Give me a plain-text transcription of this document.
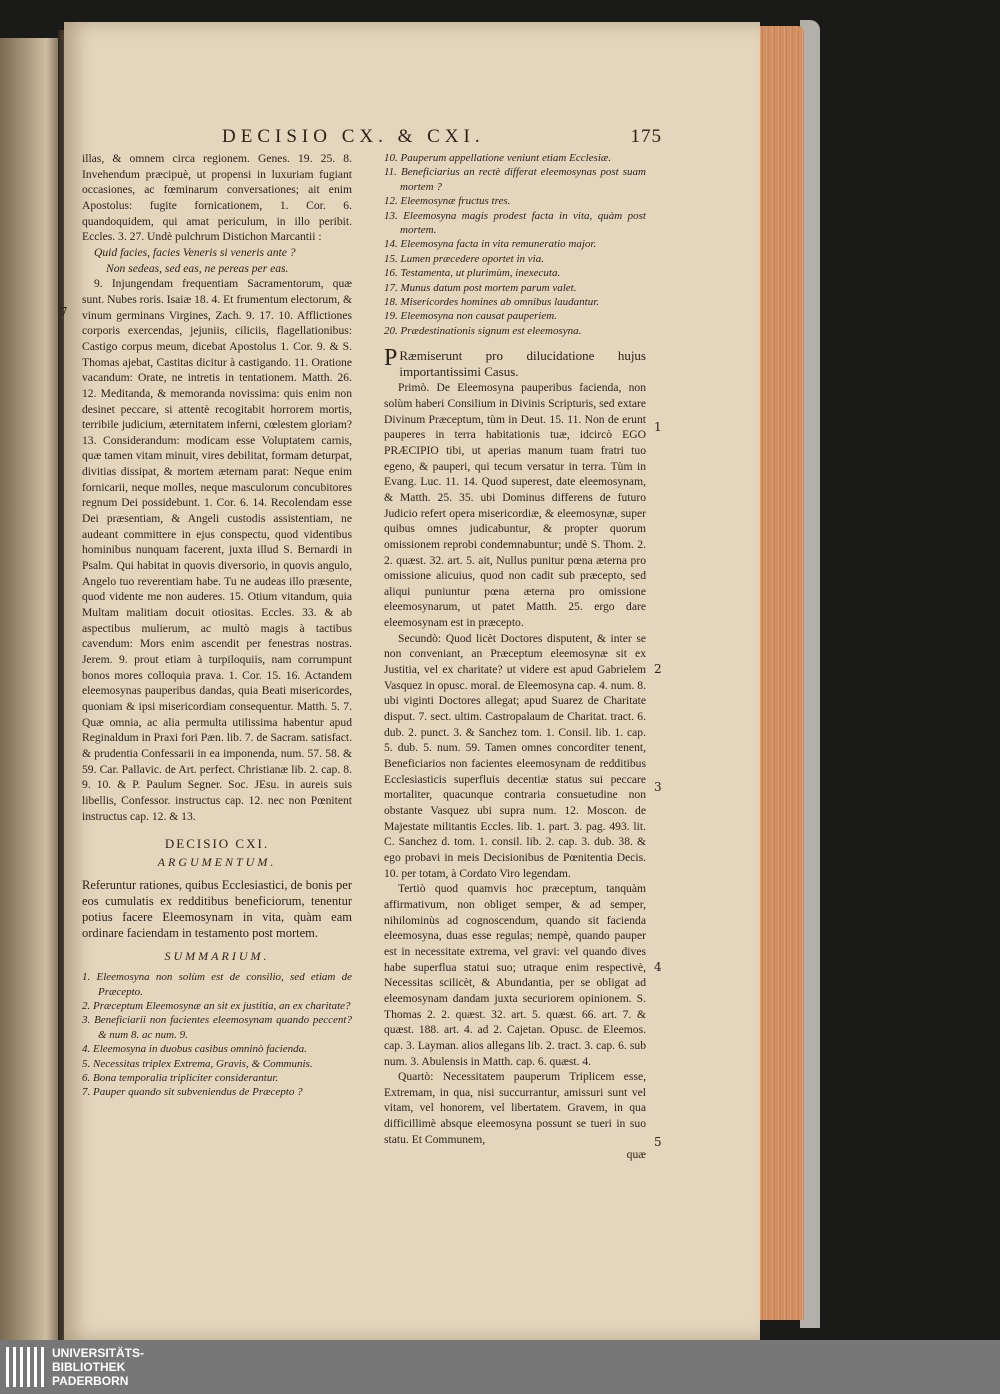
DECISIO CX. & CXI.	175

illas, & omnem circa regionem. Genes. 19. 25. 8. Invehendum præcipuè, ut propensi in luxuriam fugiant occasiones, ac fœminarum conversationes; ait enim Apostolus: fugite fornicationem, 1. Cor. 6. quandoquidem, qui amat periculum, in illo peribit. Eccles. 3. 27. Undè pulchrum Distichon Marcantii :

Quid facies, facies Veneris si veneris ante ?

Non sedeas, sed eas, ne pereas per eas.

9. Injungendam frequentiam Sacramentorum, quæ sunt. Nubes roris. Isaiæ 18. 4. Et frumentum electorum, & vinum germinans Virgines, Zach. 9. 17. 10. Afflictiones corporis exercendas, jejuniis, ciliciis, flagellationibus: Castigo corpus meum, dicebat Apostolus 1. Cor. 9. & S. Thomas ajebat, Castitas dicitur à castigando. 11. Oratione vacandum: Orate, ne intretis in tentationem. Matth. 26. 12. Meditanda, & memoranda novissima: quis enim non desinet peccare, si attentè recogitabit horrorem mortis, terribile judicium, æternitatem inferni, cœlestem gloriam? 13. Considerandum: modicam esse Voluptatem carnis, quæ tamen vitam minuit, vires debilitat, formam deturpat, divitias dissipat, & mortem æternam parat: Neque enim fornicarii, neque molles, neque masculorum concubitores regnum Dei possidebunt. 1. Cor. 6. 14. Recolendam esse Dei præsentiam, & Angeli custodis assistentiam, ne audeant committere in ejus conspectu, quod videntibus hominibus nunquam facerent, juxta illud S. Bernardi in Psalm. Qui habitat in quovis diversorio, in quovis angulo, Angelo tuo reverentiam habe. Tu ne audeas illo præsente, quod vidente me non auderes. 15. Otium vitandum, quia Multam malitiam docuit otiositas. Eccles. 33. & ab aspectibus mulierum, ac multò magis à tactibus cavendum: Mors enim ascendit per fenestras nostras. Jerem. 9. prout etiam à turpiloquiis, nam corrumpunt bonos mores colloquia prava. 1. Cor. 15. 16. Actandem eleemosynas pauperibus dandas, quia Beati misericordes, quoniam & ipsi misericordiam consequentur. Matth. 5. 7. Quæ omnia, ac alia permulta utilissima habentur apud Reginaldum in Praxi fori Pæn. lib. 7. de Sacram. satisfact. & prudentia Confessarii in ea imponenda, num. 57. 58. & 59. Car. Pallavic. de Art. perfect. Christianæ lib. 2. cap. 8. 9. 10. & P. Paulum Segner. Soc. JEsu. in aureis suis libellis, Confessor. instructus cap. 12. nec non Pœnitent instructus cap. 12. & 13.

DECISIO CXI.

ARGUMENTUM.

Referuntur rationes, quibus Ecclesiastici, de bonis per eos cumulatis ex redditibus beneficiorum, tenentur potius facere Eleemosynam in vita, quàm eam ordinare faciendam in testamento post mortem.

SUMMARIUM.

1. Eleemosyna non solùm est de consilio, sed etiam de Præcepto.
2. Præceptum Eleemosynæ an sit ex justitia, an ex charitate?
3. Beneficiarii non facientes eleemosynam quando peccent? & num 8. ac num. 9.
4. Eleemosyna in duobus casibus omninò facienda.
5. Necessitas triplex Extrema, Gravis, & Communis.
6. Bona temporalia tripliciter considerantur.
7. Pauper quando sit subveniendus de Præcepto ?
7
10. Pauperum appellatione veniunt etiam Ecclesiæ.
11. Beneficiarius an rectè differat eleemosynas post suam mortem ?
12. Eleemosynæ fructus tres.
13. Eleemosyna magis prodest facta in vita, quàm post mortem.
14. Eleemosyna facta in vita remuneratio major.
15. Lumen præcedere oportet in via.
16. Testamenta, ut plurimùm, inexecuta.
17. Munus datum post mortem parum valet.
18. Misericordes homines ab omnibus laudantur.
19. Eleemosyna non causat pauperiem.
20. Prædestinationis signum est eleemosyna.

P Ræmiserunt pro dilucidatione hujus importantissimi Casus.

Primò. De Eleemosyna pauperibus facienda, non solùm haberi Consilium in Divinis Scripturis, sed extare Divinum Præceptum, tùm in Deut. 15. 11. Non de erunt pauperes in terra habitationis tuæ, idcircò EGO PRÆCIPIO tibi, ut aperias manum tuam fratri tuo egeno, & pauperi, qui tecum versatur in terra. Tùm in Evang. Luc. 11. 14. Quod superest, date eleemosynam, & Matth. 25. 35. ubi Dominus differens de futuro Judicio refert opera misericordiæ, & eleemosynæ, super quibus omnes judicabuntur, & propter quorum omissionem reprobi condemnabuntur; undè S. Thom. 2. 2. quæst. 32. art. 5. ait, Nullus punitur pœna æterna pro omissione alicuius, quod non cadit sub præcepto, sed aliqui puniuntur pœna æterna pro omissione eleemosynarum, ut patet Matth. 25. ergo dare eleemosynam est in præcepto.

Secundò: Quod licèt Doctores disputent, & inter se non conveniant, an Præceptum eleemosynæ sit ex Justitia, vel ex charitate? ut videre est apud Gabrielem Vasquez in opusc. moral. de Eleemosyna cap. 4. num. 8. ubi viginti Doctores allegat; apud Suarez de Charitate disput. 7. sect. ultim. Castropalaum de Charitat. tract. 6. dub. 2. punct. 3. & Sanchez tom. 1. Consil. lib. 1. cap. 5. dub. 5. num. 59. Tamen omnes concorditer tenent, Beneficiarios non facientes eleemosynam de redditibus Ecclesiasticis superfluis decentiæ status sui peccare mortaliter, quacunque contraria consuetudine non obstante Vasquez ubi supra num. 12. Moscon. de Majestate militantis Eccles. lib. 1. part. 3. pag. 493. lit. C. Sanchez d. tom. 1. consil. lib. 2. cap. 3. dub. 38. & ego probavi in meis Decisionibus de Pœnitentia Decis. 10. per totam, à Cordato Viro legendam.

Tertiò quod quamvis hoc præceptum, tanquàm affirmativum, non obliget semper, & ad semper, nihilominùs ad cognoscendum, quando sit facienda eleemosyna, duas esse regulas; nempè, quando pauper est in necessitate extrema, vel gravi: vel quando dives habe superflua statui suo; utraque enim respectivè, Necessitas scilicèt, & Abundantia, per se obligat ad eleemosynam dandam juxta securiorem opinionem. S. Thomas 2. 2. quæst. 32. art. 5. quæst. 66. art. 7. & quæst. 188. art. 4. ad 2. Cajetan. Opusc. de Eleemos. cap. 3. Layman. alios allegans lib. 2. tract. 3. cap. 6. sub num. 3. Abulensis in Matth. cap. 6. quæst. 4.

Quartò: Necessitatem pauperum Triplicem esse, Extremam, in qua, nisi succurrantur, amissuri sunt vel vitam, vel honorem, vel libertatem. Gravem, in qua difficillimè absque eleemosyna possunt se tueri in suo statu. Et Communem,

quæ

1
2
3
4
5
UNIVERSITÄTS-
BIBLIOTHEK
PADERBORN
